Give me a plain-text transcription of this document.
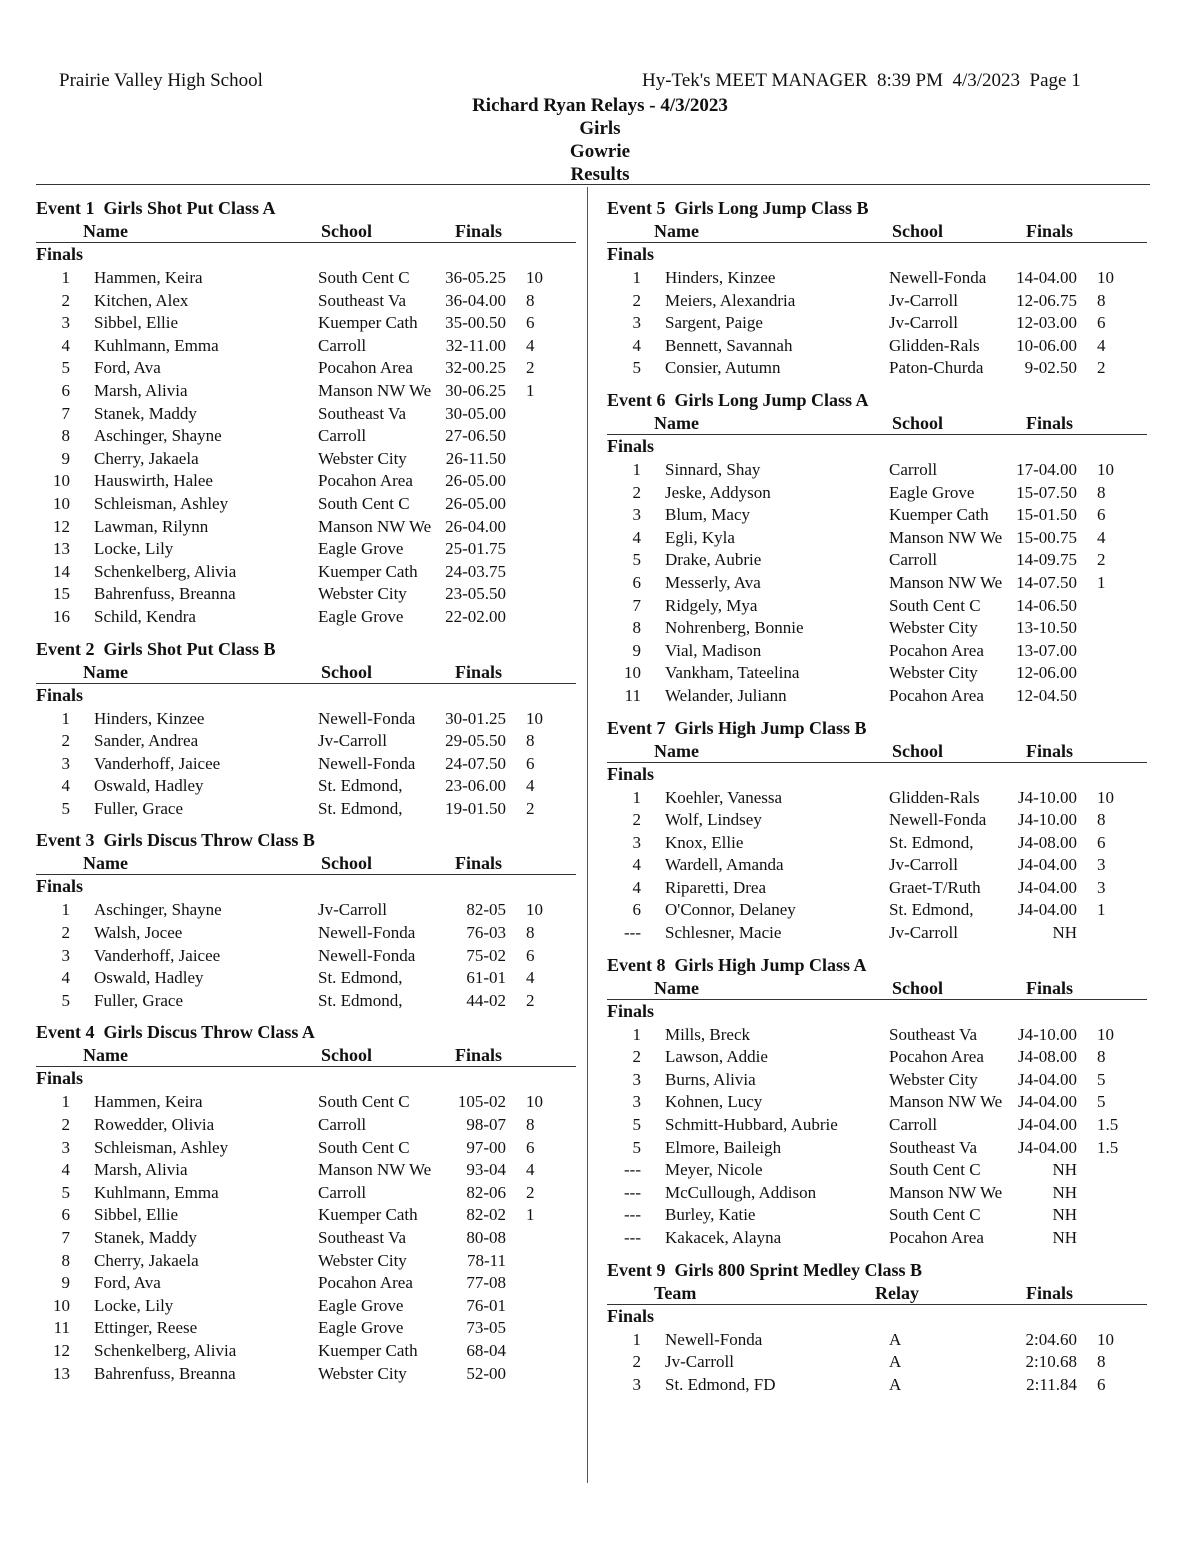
Prairie Valley High School	Hy-Tek's MEET MANAGER  8:39 PM  4/3/2023  Page 1
Richard Ryan Relays - 4/3/2023
Girls
Gowrie
Results
Event 1  Girls Shot Put Class A
Name	School	Finals
Finals
1 Hammen, Keira	South Cent C	36-05.25 10
2 Kitchen, Alex	Southeast Va	36-04.00 8
3 Sibbel, Ellie	Kuemper Cath	35-00.50 6
4 Kuhlmann, Emma	Carroll	32-11.00 4
5 Ford, Ava	Pocahon Area	32-00.25 2
6 Marsh, Alivia	Manson NW We 30-06.25 1
7 Stanek, Maddy	Southeast Va	30-05.00
8 Aschinger, Shayne	Carroll	27-06.50
9 Cherry, Jakaela	Webster City	26-11.50
10 Hauswirth, Halee	Pocahon Area	26-05.00
10 Schleisman, Ashley	South Cent C	26-05.00
12 Lawman, Rilynn	Manson NW We 26-04.00
13 Locke, Lily	Eagle Grove	25-01.75
14 Schenkelberg, Alivia	Kuemper Cath	24-03.75
15 Bahrenfuss, Breanna	Webster City	23-05.50
16 Schild, Kendra	Eagle Grove	22-02.00
Event 2  Girls Shot Put Class B
Name	School	Finals
Finals
1 Hinders, Kinzee	Newell-Fonda	30-01.25 10
2 Sander, Andrea	Jv-Carroll	29-05.50 8
3 Vanderhoff, Jaicee	Newell-Fonda	24-07.50 6
4 Oswald, Hadley	St. Edmond,	23-06.00 4
5 Fuller, Grace	St. Edmond,	19-01.50 2
Event 3  Girls Discus Throw Class B
Name	School	Finals
Finals
1 Aschinger, Shayne	Jv-Carroll	82-05 10
2 Walsh, Jocee	Newell-Fonda	76-03 8
3 Vanderhoff, Jaicee	Newell-Fonda	75-02 6
4 Oswald, Hadley	St. Edmond,	61-01 4
5 Fuller, Grace	St. Edmond,	44-02 2
Event 4  Girls Discus Throw Class A
Name	School	Finals
Finals
1 Hammen, Keira	South Cent C	105-02 10
2 Rowedder, Olivia	Carroll	98-07 8
3 Schleisman, Ashley	South Cent C	97-00 6
4 Marsh, Alivia	Manson NW We	93-04 4
5 Kuhlmann, Emma	Carroll	82-06 2
6 Sibbel, Ellie	Kuemper Cath	82-02 1
7 Stanek, Maddy	Southeast Va	80-08
8 Cherry, Jakaela	Webster City	78-11
9 Ford, Ava	Pocahon Area	77-08
10 Locke, Lily	Eagle Grove	76-01
11 Ettinger, Reese	Eagle Grove	73-05
12 Schenkelberg, Alivia	Kuemper Cath	68-04
13 Bahrenfuss, Breanna	Webster City	52-00
Event 5  Girls Long Jump Class B
Name	School	Finals
Finals
1 Hinders, Kinzee	Newell-Fonda	14-04.00 10
2 Meiers, Alexandria	Jv-Carroll	12-06.75 8
3 Sargent, Paige	Jv-Carroll	12-03.00 6
4 Bennett, Savannah	Glidden-Rals	10-06.00 4
5 Consier, Autumn	Paton-Churda	9-02.50 2
Event 6  Girls Long Jump Class A
Name	School	Finals
Finals
1 Sinnard, Shay	Carroll	17-04.00 10
2 Jeske, Addyson	Eagle Grove	15-07.50 8
3 Blum, Macy	Kuemper Cath	15-01.50 6
4 Egli, Kyla	Manson NW We 15-00.75 4
5 Drake, Aubrie	Carroll	14-09.75 2
6 Messerly, Ava	Manson NW We 14-07.50 1
7 Ridgely, Mya	South Cent C	14-06.50
8 Nohrenberg, Bonnie	Webster City	13-10.50
9 Vial, Madison	Pocahon Area	13-07.00
10 Vankham, Tateelina	Webster City	12-06.00
11 Welander, Juliann	Pocahon Area	12-04.50
Event 7  Girls High Jump Class B
Name	School	Finals
Finals
1 Koehler, Vanessa	Glidden-Rals	J4-10.00 10
2 Wolf, Lindsey	Newell-Fonda	J4-10.00 8
3 Knox, Ellie	St. Edmond,	J4-08.00 6
4 Wardell, Amanda	Jv-Carroll	J4-04.00 3
4 Riparetti, Drea	Graet-T/Ruth	J4-04.00 3
6 O'Connor, Delaney	St. Edmond,	J4-04.00 1
--- Schlesner, Macie	Jv-Carroll	NH
Event 8  Girls High Jump Class A
Name	School	Finals
Finals
1 Mills, Breck	Southeast Va	J4-10.00 10
2 Lawson, Addie	Pocahon Area	J4-08.00 8
3 Burns, Alivia	Webster City	J4-04.00 5
3 Kohnen, Lucy	Manson NW We J4-04.00 5
5 Schmitt-Hubbard, Aubrie	Carroll	J4-04.00 1.5
5 Elmore, Baileigh	Southeast Va	J4-04.00 1.5
--- Meyer, Nicole	South Cent C	NH
--- McCullough, Addison	Manson NW We	NH
--- Burley, Katie	South Cent C	NH
--- Kakacek, Alayna	Pocahon Area	NH
Event 9  Girls 800 Sprint Medley Class B
Team	Relay	Finals
Finals
1 Newell-Fonda	A	2:04.60 10
2 Jv-Carroll	A	2:10.68 8
3 St. Edmond, FD	A	2:11.84 6
